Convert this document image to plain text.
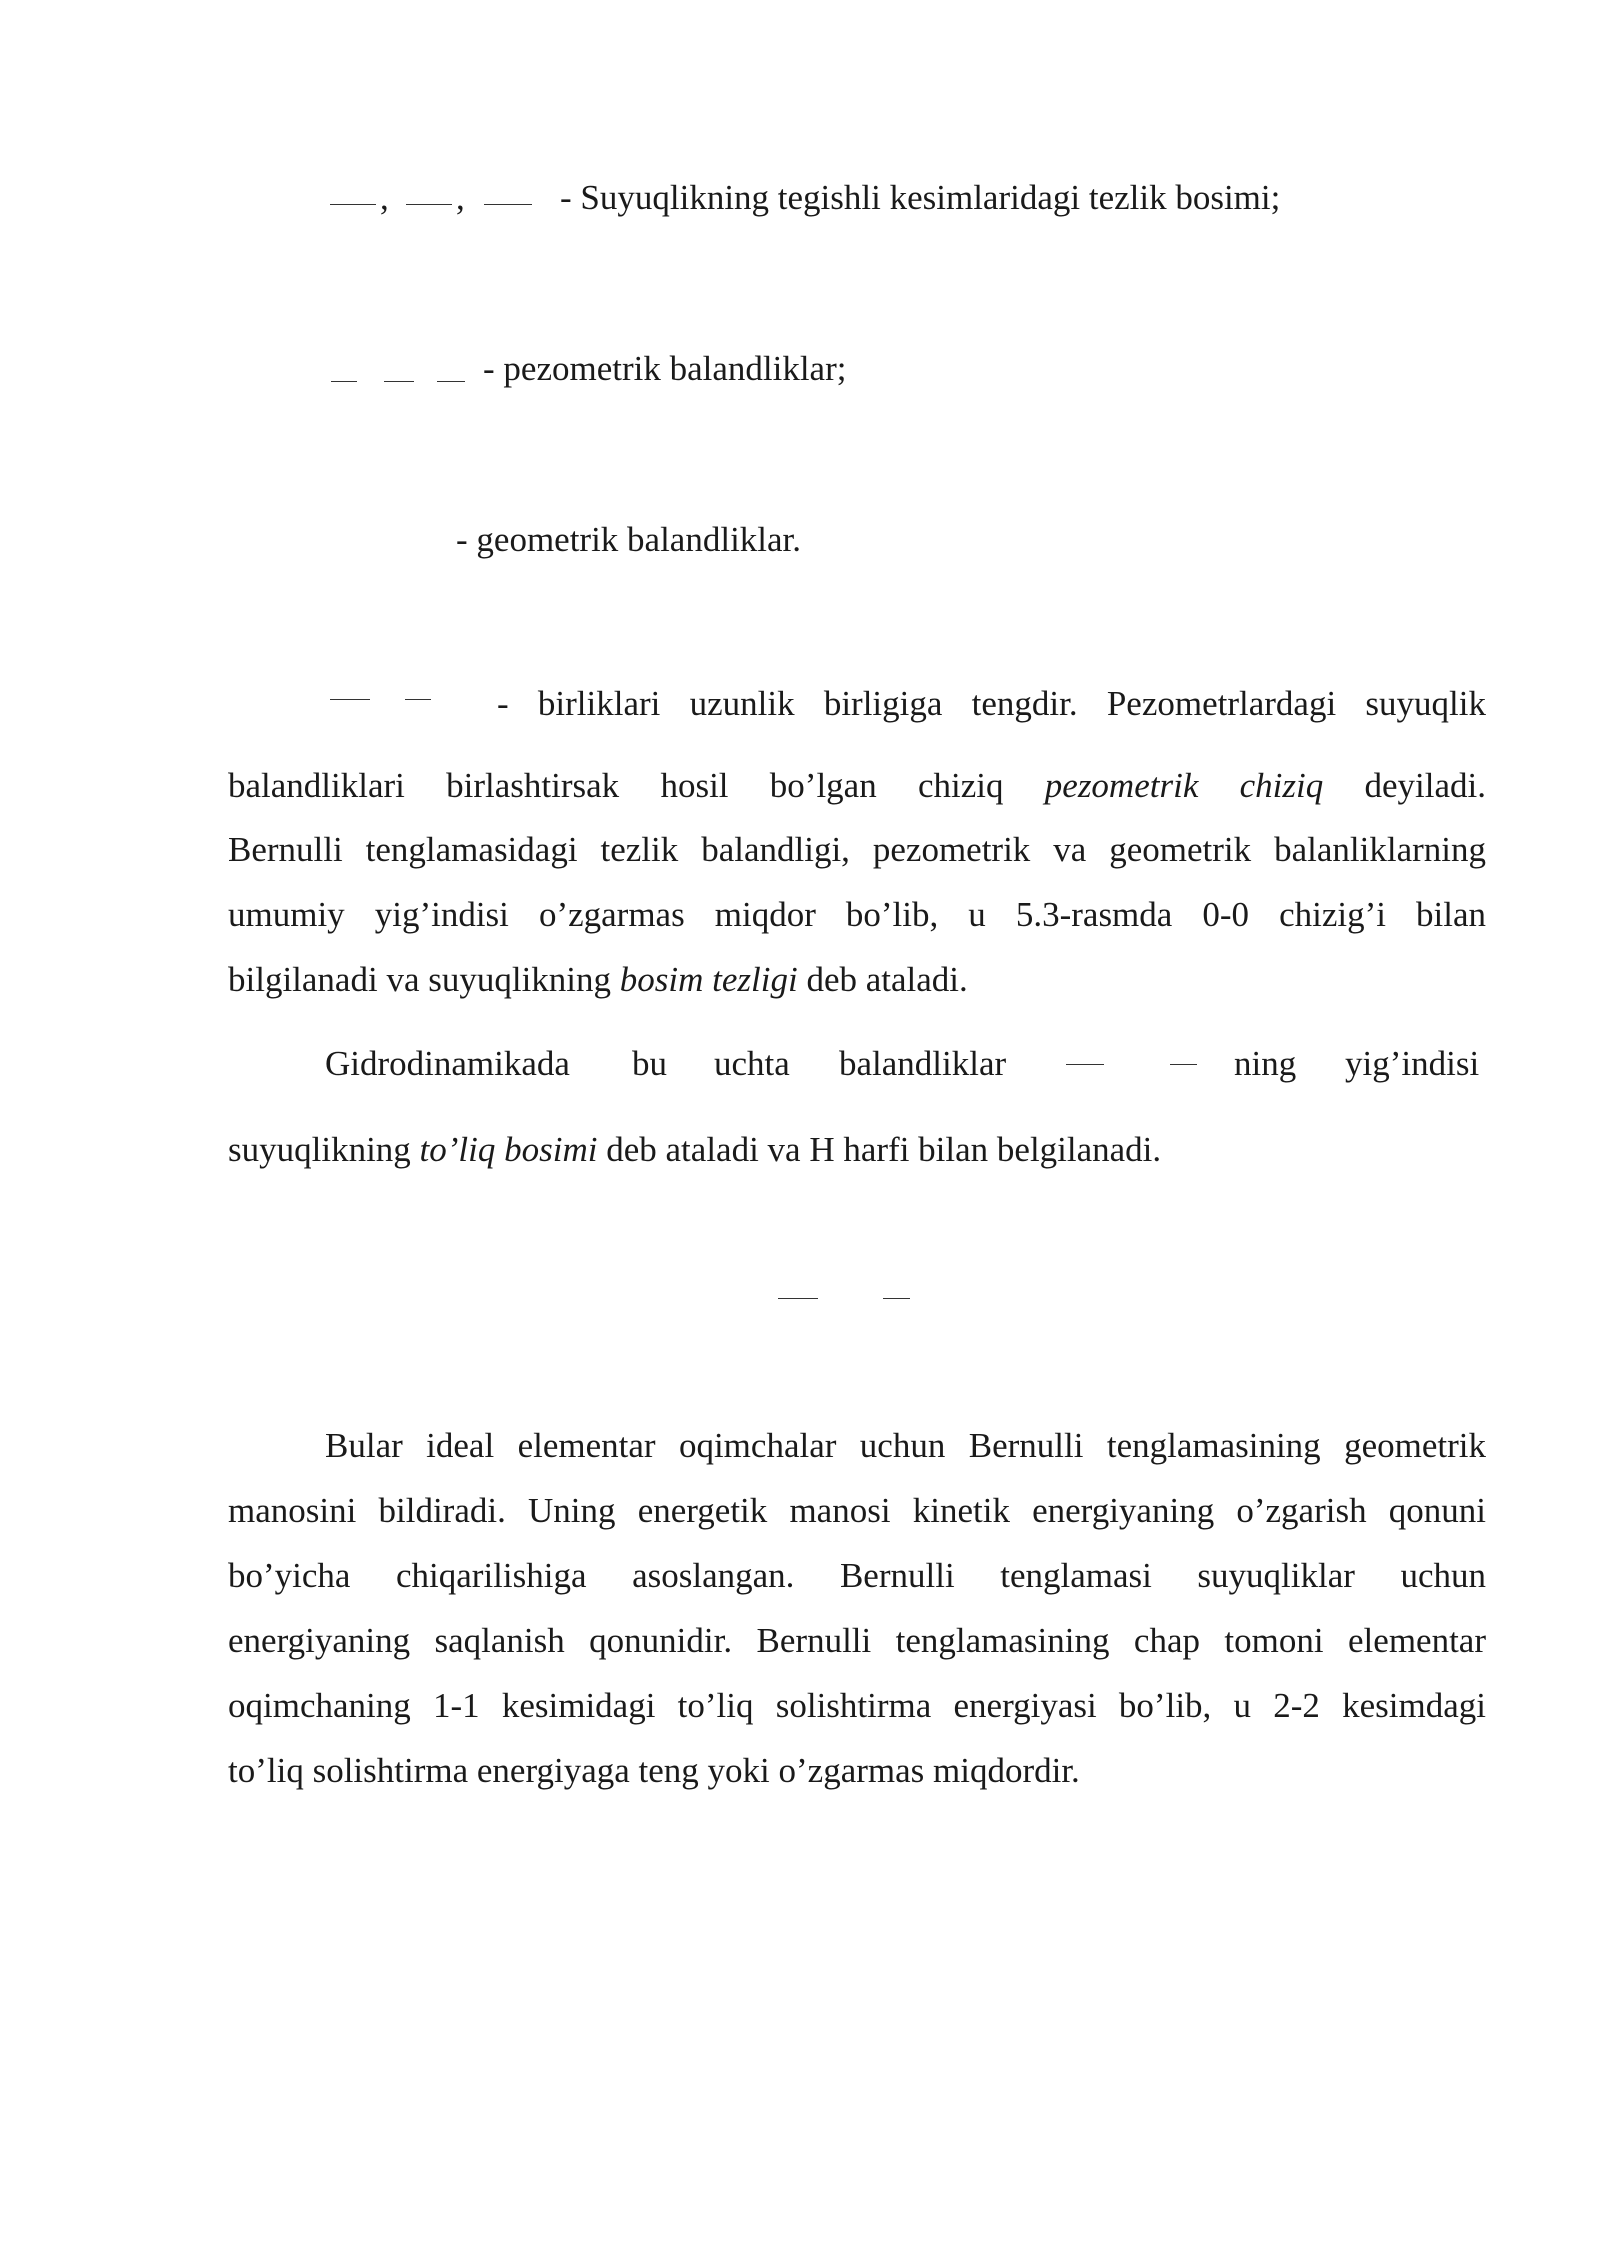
, ,	- Suyuqlikning tegishli kesimlaridagi tezlik bosimi;
- pezometrik balandliklar;
- geometrik balandliklar.
- birliklari uzunlik birligiga tengdir. Pezometrlardagi suyuqlik
balandliklari birlashtirsak hosil bo’lgan chiziq pezometrik chiziq deyiladi.
Bernulli tenglamasidagi tezlik balandligi, pezometrik va geometrik balanliklarning
umumiy yig’indisi o’zgarmas miqdor bo’lib, u 5.3-rasmda 0-0 chizig’i bilan
bilgilanadi va suyuqlikning bosim tezligi deb ataladi.
Gidrodinamikada bu uchta balandliklar	ning yig’indisi
suyuqlikning to’liq bosimi deb ataladi va H harfi bilan belgilanadi.
Bular ideal elementar oqimchalar uchun Bernulli tenglamasining geometrik
manosini bildiradi. Uning energetik manosi kinetik energiyaning o’zgarish qonuni
bo’yicha chiqarilishiga asoslangan. Bernulli tenglamasi suyuqliklar uchun
energiyaning saqlanish qonunidir. Bernulli tenglamasining chap tomoni elementar
oqimchaning 1-1 kesimidagi to’liq solishtirma energiyasi bo’lib, u 2-2 kesimdagi
to’liq solishtirma energiyaga teng yoki o’zgarmas miqdordir.
